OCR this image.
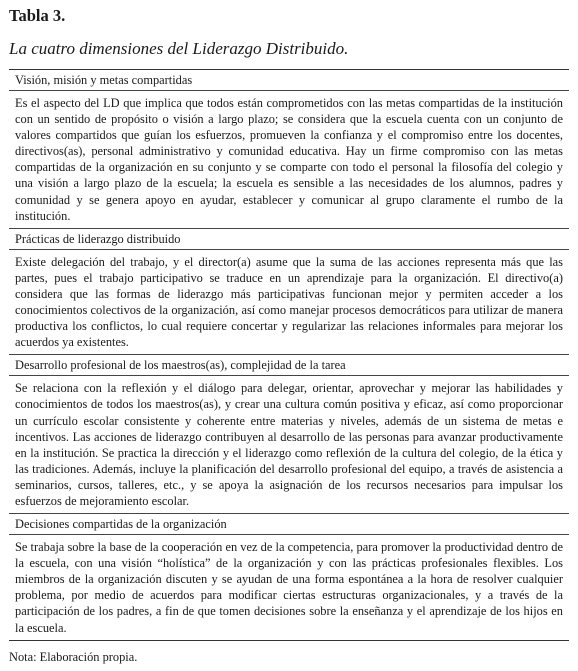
Tabla 3.

La cuatro dimensiones del Liderazgo Distribuido.

Visión, misión y metas compartidas
Es el aspecto del LD que implica que todos están comprometidos con las metas compartidas de la institución con un sentido de propósito o visión a largo plazo; se considera que la escuela cuenta con un conjunto de valores compartidos que guían los esfuerzos, promueven la confianza y el compromiso entre los docentes, directivos(as), personal administrativo y comunidad educativa. Hay un firme compromiso con las metas compartidas de la organización en su conjunto y se comparte con todo el personal la filosofía del colegio y una visión a largo plazo de la escuela; la escuela es sensible a las necesidades de los alumnos, padres y comunidad y se genera apoyo en ayudar, establecer y comunicar al grupo claramente el rumbo de la institución.
Prácticas de liderazgo distribuido
Existe delegación del trabajo, y el director(a) asume que la suma de las acciones representa más que las partes, pues el trabajo participativo se traduce en un aprendizaje para la organización. El directivo(a) considera que las formas de liderazgo más participativas funcionan mejor y permiten acceder a los conocimientos colectivos de la organización, así como manejar procesos democráticos para utilizar de manera productiva los conflictos, lo cual requiere concertar y regularizar las relaciones informales para mejorar los acuerdos ya existentes.
Desarrollo profesional de los maestros(as), complejidad de la tarea
Se relaciona con la reflexión y el diálogo para delegar, orientar, aprovechar y mejorar las habilidades y conocimientos de todos los maestros(as), y crear una cultura común positiva y eficaz, así como proporcionar un currículo escolar consistente y coherente entre materias y niveles, además de un sistema de metas e incentivos. Las acciones de liderazgo contribuyen al desarrollo de las personas para avanzar productivamente en la institución. Se practica la dirección y el liderazgo como reflexión de la cultura del colegio, de la ética y las tradiciones. Además, incluye la planificación del desarrollo profesional del equipo, a través de asistencia a seminarios, cursos, talleres, etc., y se apoya la asignación de los recursos necesarios para impulsar los esfuerzos de mejoramiento escolar.
Decisiones compartidas de la organización
Se trabaja sobre la base de la cooperación en vez de la competencia, para promover la productividad dentro de la escuela, con una visión “holística” de la organización y con las prácticas profesionales flexibles. Los miembros de la organización discuten y se ayudan de una forma espontánea a la hora de resolver cualquier problema, por medio de acuerdos para modificar ciertas estructuras organizacionales, y a través de la participación de los padres, a fin de que tomen decisiones sobre la enseñanza y el aprendizaje de los hijos en la escuela.
Nota: Elaboración propia.
